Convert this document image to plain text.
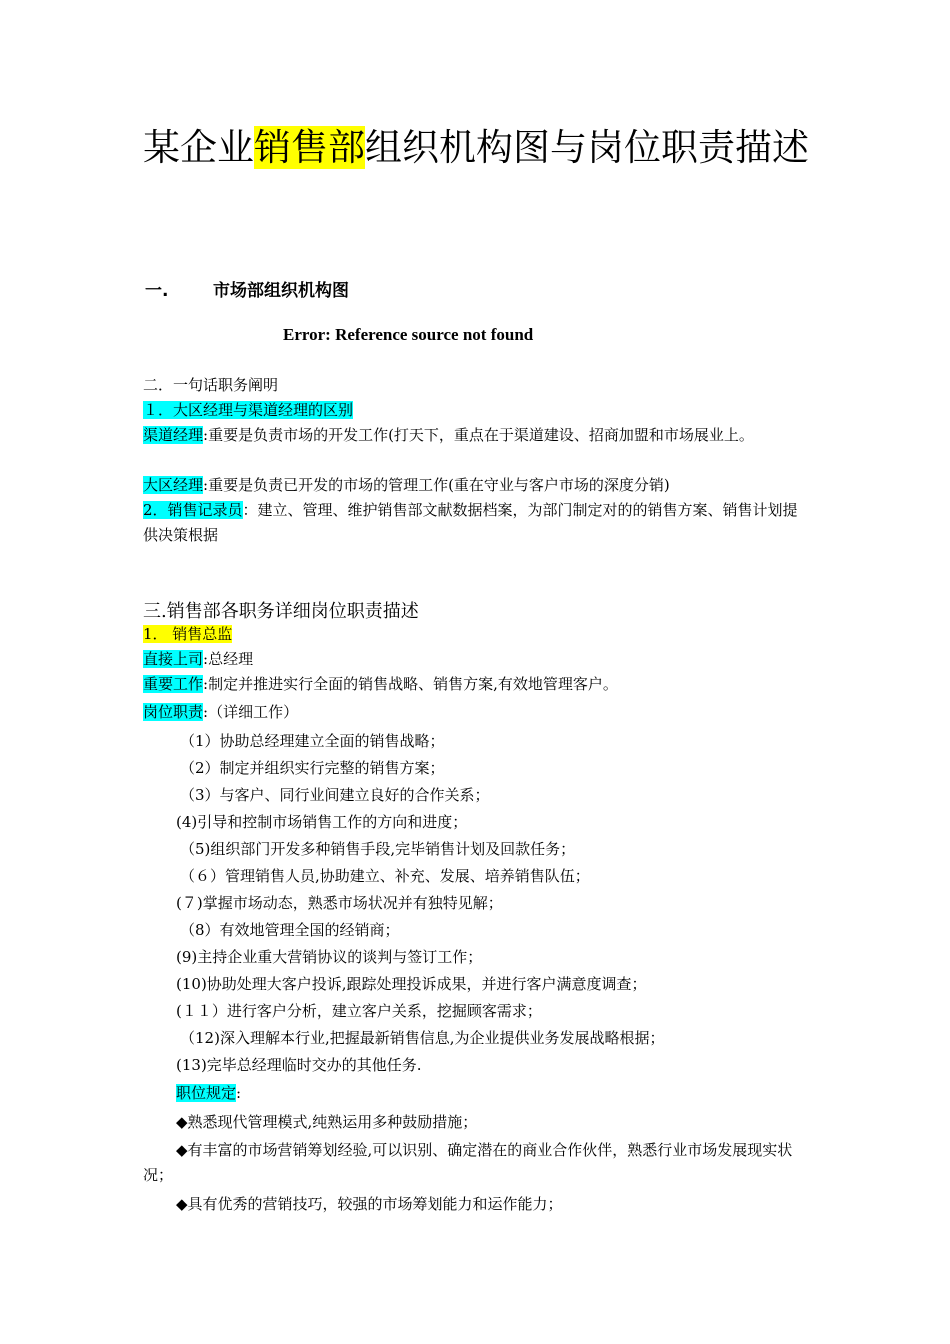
某企业销售部组织机构图与岗位职责描述
一.	市场部组织机构图
Error: Reference source not found
二．一句话职务阐明
１．大区经理与渠道经理的区别
渠道经理:重要是负责市场的开发工作(打天下，重点在于渠道建设、招商加盟和市场展业上。
大区经理:重要是负责已开发的市场的管理工作(重在守业与客户市场的深度分销)
2．销售记录员：建立、管理、维护销售部文献数据档案，为部门制定对的的销售方案、销售计划提供决策根据
三.销售部各职务详细岗位职责描述
1． 销售总监
直接上司:总经理
重要工作:制定并推进实行全面的销售战略、销售方案,有效地管理客户。
岗位职责:（详细工作）
（1）协助总经理建立全面的销售战略；
（2）制定并组织实行完整的销售方案；
（3）与客户、同行业间建立良好的合作关系；
(4)引导和控制市场销售工作的方向和进度；
（5)组织部门开发多种销售手段,完毕销售计划及回款任务；
（６）管理销售人员,协助建立、补充、发展、培养销售队伍；
(７)掌握市场动态，熟悉市场状况并有独特见解；
（8）有效地管理全国的经销商；
(9)主持企业重大营销协议的谈判与签订工作；
(10)协助处理大客户投诉,跟踪处理投诉成果，并进行客户满意度调查；
(１１）进行客户分析，建立客户关系，挖掘顾客需求；
（12)深入理解本行业,把握最新销售信息,为企业提供业务发展战略根据；
(13)完毕总经理临时交办的其他任务.
职位规定:
◆熟悉现代管理模式,纯熟运用多种鼓励措施；
◆有丰富的市场营销筹划经验,可以识别、确定潜在的商业合作伙伴，熟悉行业市场发展现实状况；
◆具有优秀的营销技巧，较强的市场筹划能力和运作能力；
